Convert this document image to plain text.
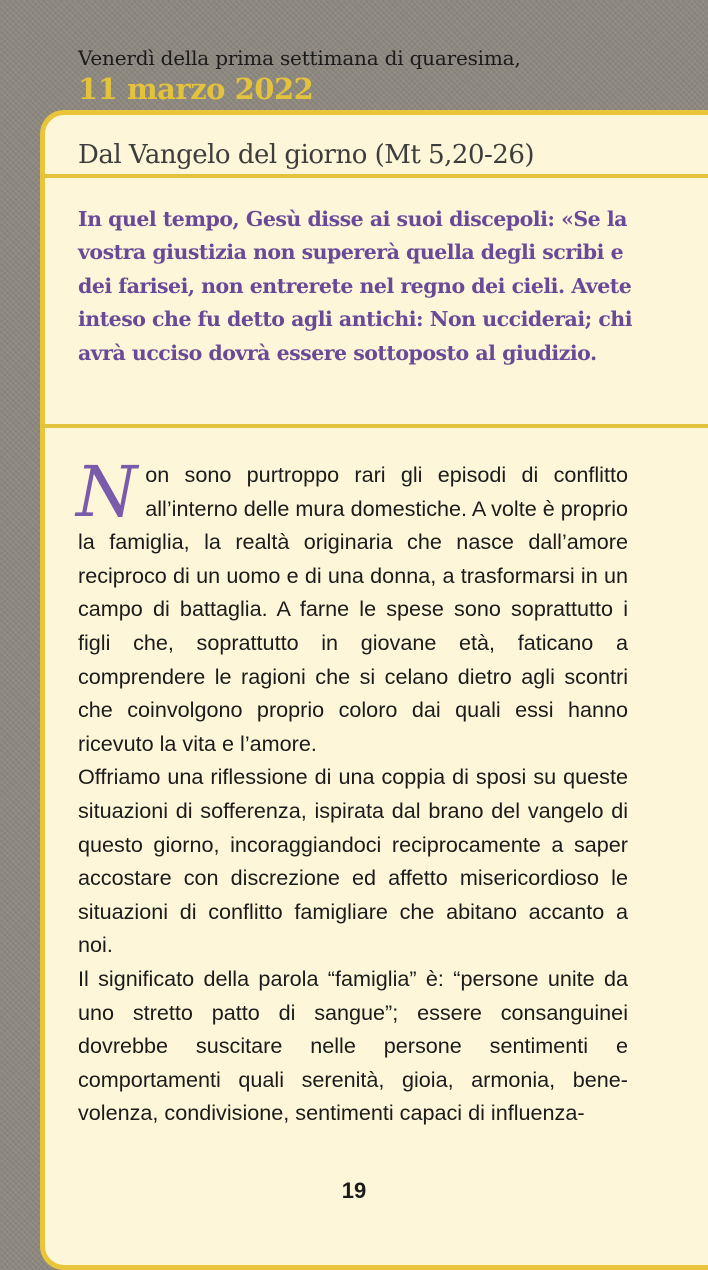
Venerdì della prima settimana di quaresima,
11 marzo 2022
Dal Vangelo del giorno (Mt 5,20-26)
In quel tempo, Gesù disse ai suoi discepoli: «Se la vostra giustizia non supererà quella degli scribi e dei farisei, non entrerete nel regno dei cieli. Avete inteso che fu detto agli antichi: Non ucciderai; chi avrà ucciso dovrà essere sottoposto al giudizio.

Non sono purtroppo rari gli episodi di conflitto all’interno delle mura domestiche. A volte è proprio la famiglia, la realtà originaria che nasce dall’amore reciproco di un uomo e di una donna, a trasformarsi in un campo di battaglia. A farne le spese sono soprattutto i figli che, soprattutto in giovane età, faticano a comprendere le ragioni che si celano dietro agli scontri che coinvolgono proprio coloro dai quali essi hanno ricevuto la vita e l’amore.

Offriamo una riflessione di una coppia di sposi su queste situazioni di sofferenza, ispirata dal brano del vangelo di questo giorno, incoraggiandoci reciprocamente a saper accostare con discrezione ed affetto misericordioso le situazioni di conflitto famigliare che abitano accanto a noi.

Il significato della parola “famiglia” è: “persone unite da uno stretto patto di sangue”; essere consanguinei dovrebbe suscitare nelle persone sentimenti e comportamenti quali serenità, gioia, armonia, benevolenza, condivisione, sentimenti capaci di influenza-

19
